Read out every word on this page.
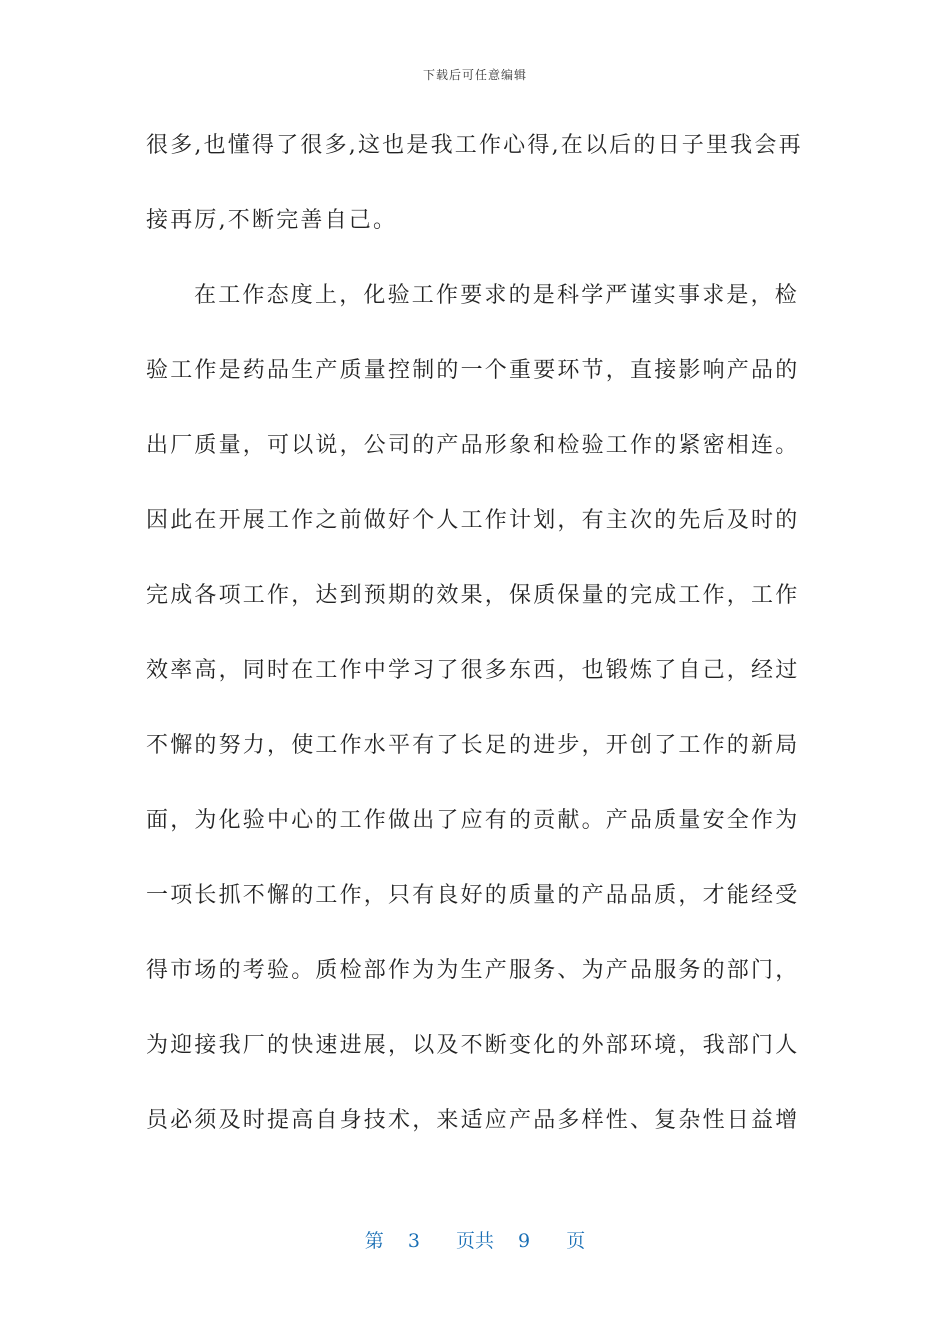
下载后可任意编辑
很多,也懂得了很多,这也是我工作心得,在以后的日子里我会再
接再厉,不断完善自己。
在工作态度上，化验工作要求的是科学严谨实事求是，检
验工作是药品生产质量控制的一个重要环节，直接影响产品的
出厂质量，可以说，公司的产品形象和检验工作的紧密相连。
因此在开展工作之前做好个人工作计划，有主次的先后及时的
完成各项工作，达到预期的效果，保质保量的完成工作，工作
效率高，同时在工作中学习了很多东西，也锻炼了自己，经过
不懈的努力，使工作水平有了长足的进步，开创了工作的新局
面，为化验中心的工作做出了应有的贡献。产品质量安全作为
一项长抓不懈的工作，只有良好的质量的产品品质，才能经受
得市场的考验。质检部作为为生产服务、为产品服务的部门，
为迎接我厂的快速进展，以及不断变化的外部环境，我部门人
员必须及时提高自身技术，来适应产品多样性、复杂性日益增
第 3 页共 9 页
